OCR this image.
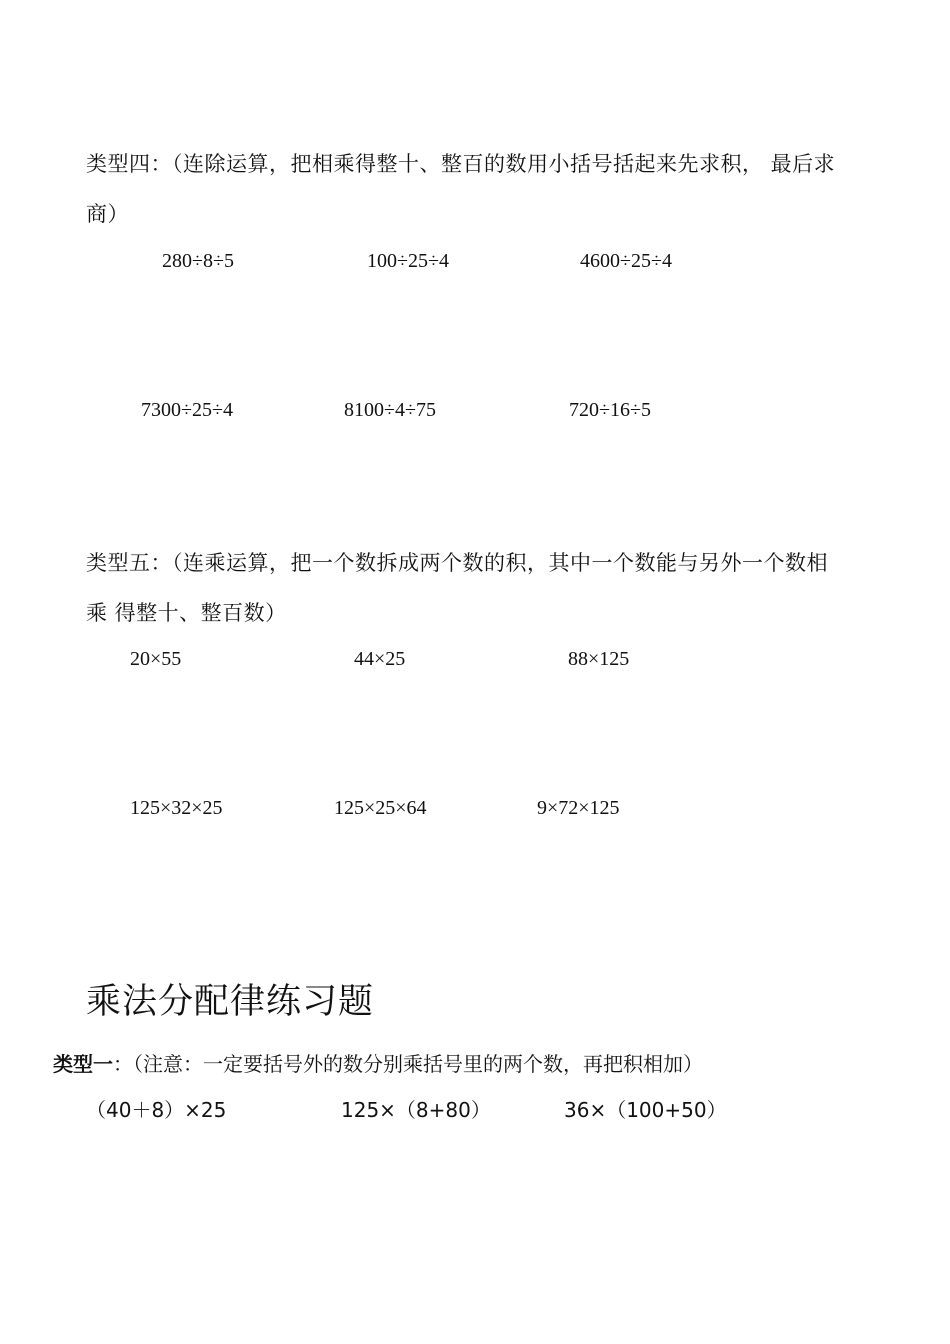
类型四：（连除运算，把相乘得整十、整百的数用小括号括起来先求积， 最后求
商）
280÷8÷5	100÷25÷4	4600÷25÷4
7300÷25÷4	8100÷4÷75	720÷16÷5
类型五：（连乘运算，把一个数拆成两个数的积，其中一个数能与另外一个数相
乘 得整十、整百数）
20×55	44×25	88×125
125×32×25	125×25×64	9×72×125
乘法分配律练习题
类型一：（注意：一定要括号外的数分别乘括号里的两个数，再把积相加）
（40＋8）×25	125×（8+80）	36×（100+50）
